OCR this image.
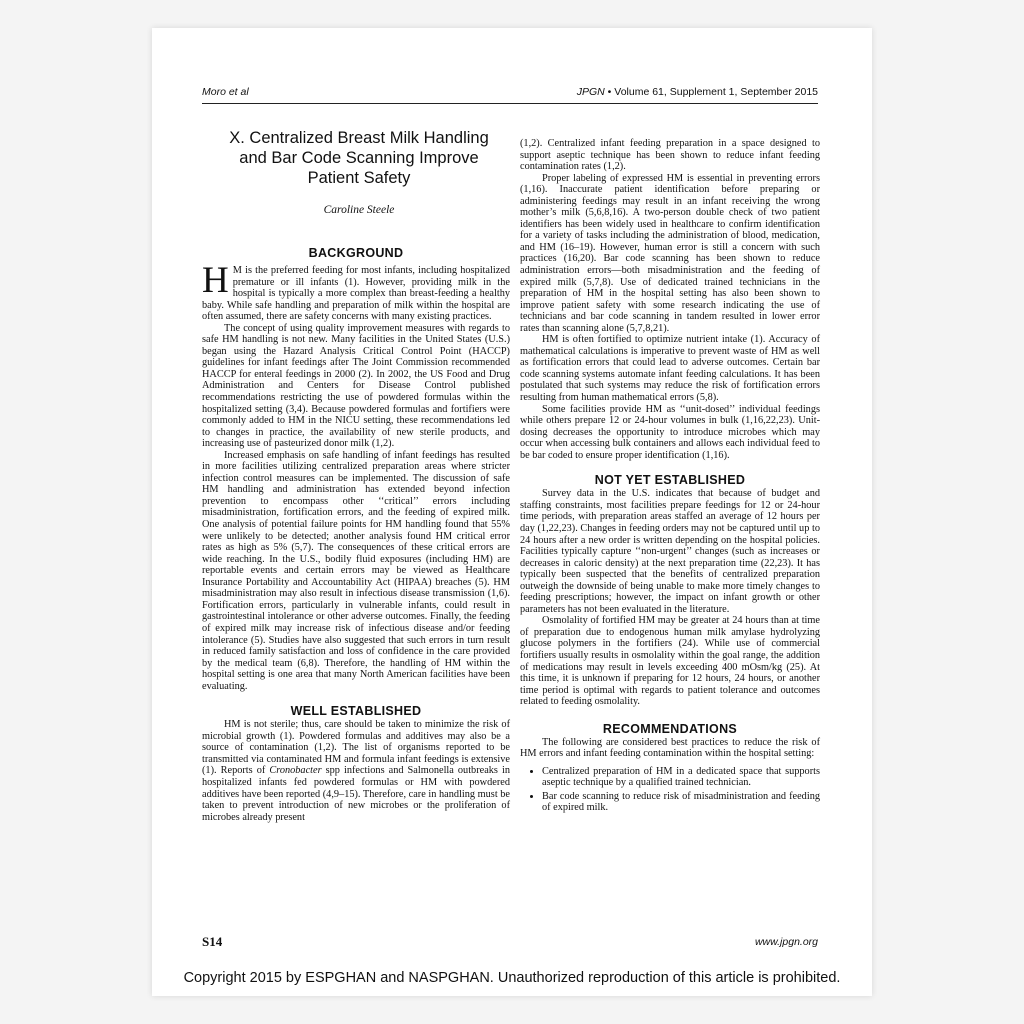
Moro et al	JPGN • Volume 61, Supplement 1, September 2015
X. Centralized Breast Milk Handling
and Bar Code Scanning Improve
Patient Safety
Caroline Steele
BACKGROUND

H M is the preferred feeding for most infants, including hospitalized premature or ill infants (1). However, providing milk in the hospital is typically a more complex than breast-feeding a healthy baby. While safe handling and preparation of milk within the hospital are often assumed, there are safety concerns with many existing practices.

The concept of using quality improvement measures with regards to safe HM handling is not new. Many facilities in the United States (U.S.) began using the Hazard Analysis Critical Control Point (HACCP) guidelines for infant feedings after The Joint Commission recommended HACCP for enteral feedings in 2000 (2). In 2002, the US Food and Drug Administration and Centers for Disease Control published recommendations restricting the use of powdered formulas within the hospitalized setting (3,4). Because powdered formulas and fortifiers were commonly added to HM in the NICU setting, these recommendations led to changes in practice, the availability of new sterile products, and increasing use of pasteurized donor milk (1,2).

Increased emphasis on safe handling of infant feedings has resulted in more facilities utilizing centralized preparation areas where stricter infection control measures can be implemented. The discussion of safe HM handling and administration has extended beyond infection prevention to encompass other ‘‘critical’’ errors including misadministration, fortification errors, and the feeding of expired milk. One analysis of potential failure points for HM handling found that 55% were unlikely to be detected; another analysis found HM critical error rates as high as 5% (5,7). The consequences of these critical errors are wide reaching. In the U.S., bodily fluid exposures (including HM) are reportable events and certain errors may be viewed as Healthcare Insurance Portability and Accountability Act (HIPAA) breaches (5). HM misadministration may also result in infectious disease transmission (1,6). Fortification errors, particularly in vulnerable infants, could result in gastrointestinal intolerance or other adverse outcomes. Finally, the feeding of expired milk may increase risk of infectious disease and/or feeding intolerance (5). Studies have also suggested that such errors in turn result in reduced family satisfaction and loss of confidence in the care provided by the medical team (6,8). Therefore, the handling of HM within the hospital setting is one area that many North American facilities have been evaluating.

WELL ESTABLISHED

HM is not sterile; thus, care should be taken to minimize the risk of microbial growth (1). Powdered formulas and additives may also be a source of contamination (1,2). The list of organisms reported to be transmitted via contaminated HM and formula infant feedings is extensive (1). Reports of Cronobacter spp infections and Salmonella outbreaks in hospitalized infants fed powdered formulas or HM with powdered additives have been reported (4,9–15). Therefore, care in handling must be taken to prevent introduction of new microbes or the proliferation of microbes already present

(1,2). Centralized infant feeding preparation in a space designed to support aseptic technique has been shown to reduce infant feeding contamination rates (1,2).

Proper labeling of expressed HM is essential in preventing errors (1,16). Inaccurate patient identification before preparing or administering feedings may result in an infant receiving the wrong mother’s milk (5,6,8,16). A two-person double check of two patient identifiers has been widely used in healthcare to confirm identification for a variety of tasks including the administration of blood, medication, and HM (16–19). However, human error is still a concern with such practices (16,20). Bar code scanning has been shown to reduce administration errors—both misadministration and the feeding of expired milk (5,7,8). Use of dedicated trained technicians in the preparation of HM in the hospital setting has also been shown to improve patient safety with some research indicating the use of technicians and bar code scanning in tandem resulted in lower error rates than scanning alone (5,7,8,21).

HM is often fortified to optimize nutrient intake (1). Accuracy of mathematical calculations is imperative to prevent waste of HM as well as fortification errors that could lead to adverse outcomes. Certain bar code scanning systems automate infant feeding calculations. It has been postulated that such systems may reduce the risk of fortification errors resulting from human mathematical errors (5,8).

Some facilities provide HM as ‘‘unit-dosed’’ individual feedings while others prepare 12 or 24-hour volumes in bulk (1,16,22,23). Unit-dosing decreases the opportunity to introduce microbes which may occur when accessing bulk containers and allows each individual feed to be bar coded to ensure proper identification (1,16).

NOT YET ESTABLISHED

Survey data in the U.S. indicates that because of budget and staffing constraints, most facilities prepare feedings for 12 or 24-hour time periods, with preparation areas staffed an average of 12 hours per day (1,22,23). Changes in feeding orders may not be captured until up to 24 hours after a new order is written depending on the hospital policies. Facilities typically capture ‘‘non-urgent’’ changes (such as increases or decreases in caloric density) at the next preparation time (22,23). It has typically been suspected that the benefits of centralized preparation outweigh the downside of being unable to make more timely changes to feeding prescriptions; however, the impact on infant growth or other parameters has not been evaluated in the literature.

Osmolality of fortified HM may be greater at 24 hours than at time of preparation due to endogenous human milk amylase hydrolyzing glucose polymers in the fortifiers (24). While use of commercial fortifiers usually results in osmolality within the goal range, the addition of medications may result in levels exceeding 400 mOsm/kg (25). At this time, it is unknown if preparing for 12 hours, 24 hours, or another time period is optimal with regards to patient tolerance and outcomes related to feeding osmolality.

RECOMMENDATIONS

The following are considered best practices to reduce the risk of HM errors and infant feeding contamination within the hospital setting:

• Centralized preparation of HM in a dedicated space that supports aseptic technique by a qualified trained technician.
• Bar code scanning to reduce risk of misadministration and feeding of expired milk.
S14	www.jpgn.org
Copyright 2015 by ESPGHAN and NASPGHAN. Unauthorized reproduction of this article is prohibited.
